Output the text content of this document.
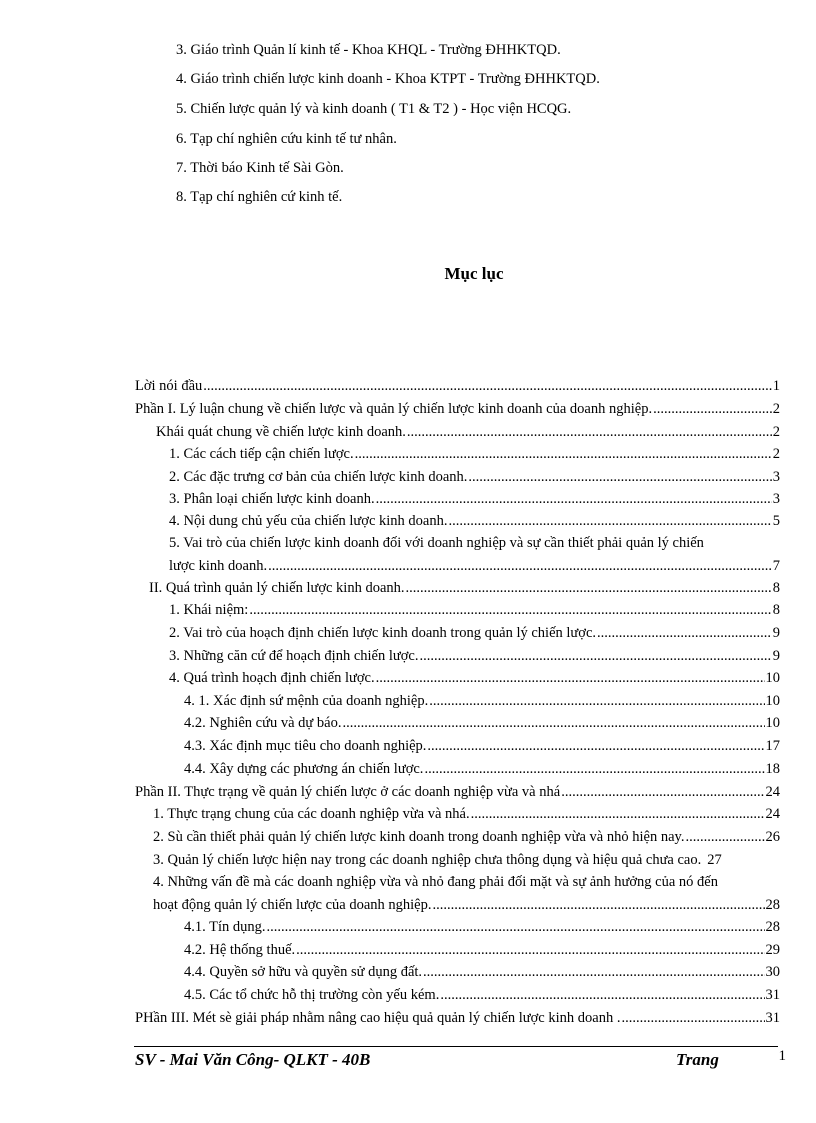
3. Giáo trình Quản lí kinh tế - Khoa KHQL - Trường ĐHHKTQD.
4. Giáo trình chiến lược kinh doanh - Khoa KTPT - Trường ĐHHKTQD.
5. Chiến lược quản lý và kinh doanh ( T1 & T2 ) - Học viện HCQG.
6. Tạp chí nghiên cứu kinh tế tư nhân.
7. Thời báo Kinh tế Sài Gòn.
8. Tạp chí nghiên cứ kinh tế.
Mục lục
Lời nói đầu .....	1
Phần I. Lý luận chung về chiến lược và quản lý chiến lược kinh doanh của doanh nghiệp. .....	2
Khái quát chung về chiến lược kinh doanh. .....	2
1. Các cách tiếp cận chiến lược. .....	2
2. Các đặc trưng cơ bản của chiến lược kinh doanh. .....	3
3. Phân loại chiến lược kinh doanh. .....	3
4. Nội dung chủ yếu của chiến lược kinh doanh. .....	5
5. Vai trò của chiến lược kinh doanh đối với doanh nghiệp và sự cần thiết phải quản lý chiến
lược kinh doanh. .....	7
II. Quá trình quản lý chiến lược kinh doanh. .....	8
1. Khái niệm: .....	8
2. Vai trò của hoạch định chiến lược kinh doanh trong quản lý chiến lược. .....	9
3. Những căn cứ để hoạch định chiến lược. .....	9
4. Quá trình hoạch định chiến lược. .....	10
4. 1. Xác định sứ mệnh của doanh nghiệp. .....	10
4.2. Nghiên cứu và dự báo. .....	10
4.3. Xác định mục tiêu cho doanh nghiệp. .....	17
4.4. Xây dựng các phương án chiến lược. .....	18
Phần II. Thực trạng về quản lý chiến lược ở các doanh nghiệp vừa và nhá .....	24
1. Thực trạng chung của các doanh nghiệp vừa và nhá. .....	24
2. Sù cần thiết phải quản lý chiến lược kinh doanh trong doanh nghiệp vừa và nhỏ hiện nay. .....	26
3. Quản lý chiến lược hiện nay trong các doanh nghiệp chưa thông dụng và hiệu quả chưa cao. 27
4. Những vấn đề mà các doanh nghiệp vừa và nhỏ đang phải đối mặt và sự ảnh hưởng của nó đến
hoạt động quản lý chiến lược của doanh nghiệp. .....	28
4.1. Tín dụng. .....	28
4.2. Hệ thống thuế. .....	29
4.4. Quyền sở hữu và quyền sử dụng đất. .....	30
4.5. Các tổ chức hỗ thị trường còn yếu kém. .....	31
PHần III. Mét sè giải pháp nhằm nâng cao hiệu quả quản lý chiến lược kinh doanh . .....	31
SV - Mai Văn Công- QLKT - 40B	Trang	1
